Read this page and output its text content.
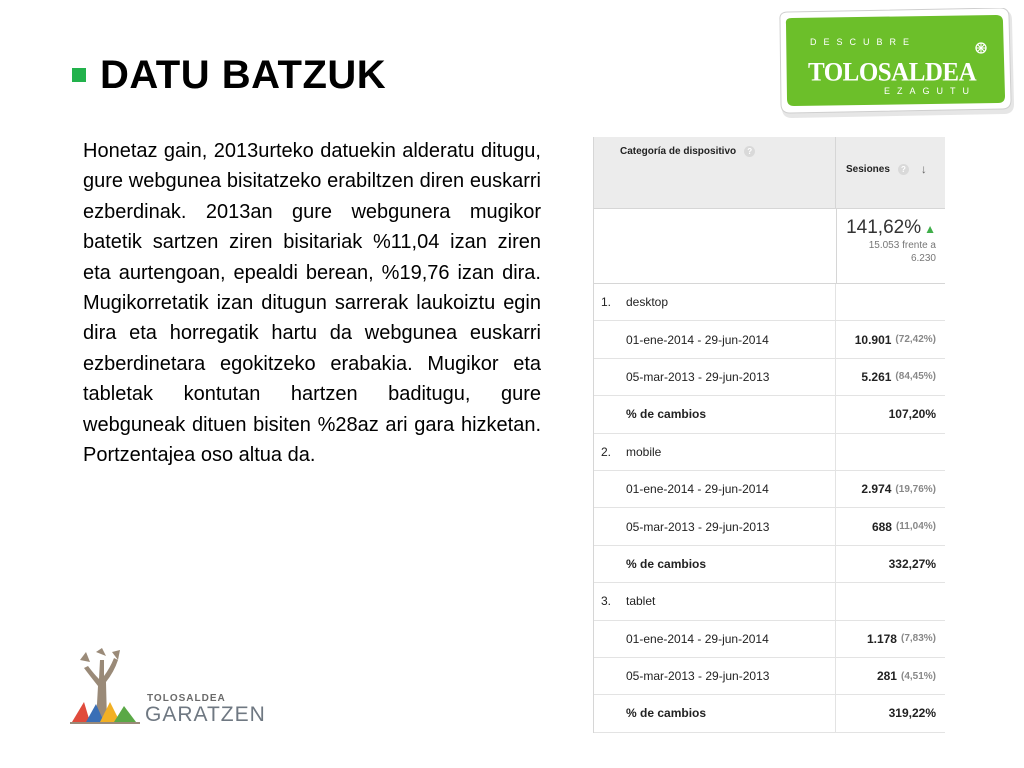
DATU BATZUK
DESCUBRE
TOLOSALDEA
EZAGUTU
Honetaz gain, 2013urteko datuekin alderatu ditugu, gure webgunea bisitatzeko erabiltzen diren euskarri ezberdinak. 2013an gure webgunera mugikor batetik sartzen ziren bisitariak %11,04 izan ziren eta aurtengoan, epealdi berean, %19,76 izan dira. Mugikorretatik izan ditugun sarrerak laukoiztu egin dira eta horregatik hartu da webgunea euskarri ezberdinetara egokitzeko erabakia. Mugikor eta tabletak kontutan hartzen baditugu, gure webguneak dituen bisiten %28az ari gara hizketan. Portzentajea oso altua da.
Categoría de dispositivo	?
Sesiones	? ↓
141,62% ▲
15.053 frente a 6.230
1.	desktop
01-ene-2014 - 29-jun-2014	10.901 (72,42%)
05-mar-2013 - 29-jun-2013	5.261 (84,45%)
% de cambios	107,20%
2.	mobile
01-ene-2014 - 29-jun-2014	2.974 (19,76%)
05-mar-2013 - 29-jun-2013	688 (11,04%)
% de cambios	332,27%
3.	tablet
01-ene-2014 - 29-jun-2014	1.178 (7,83%)
05-mar-2013 - 29-jun-2013	281 (4,51%)
% de cambios	319,22%
TOLOSALDEA
GARATZEN
